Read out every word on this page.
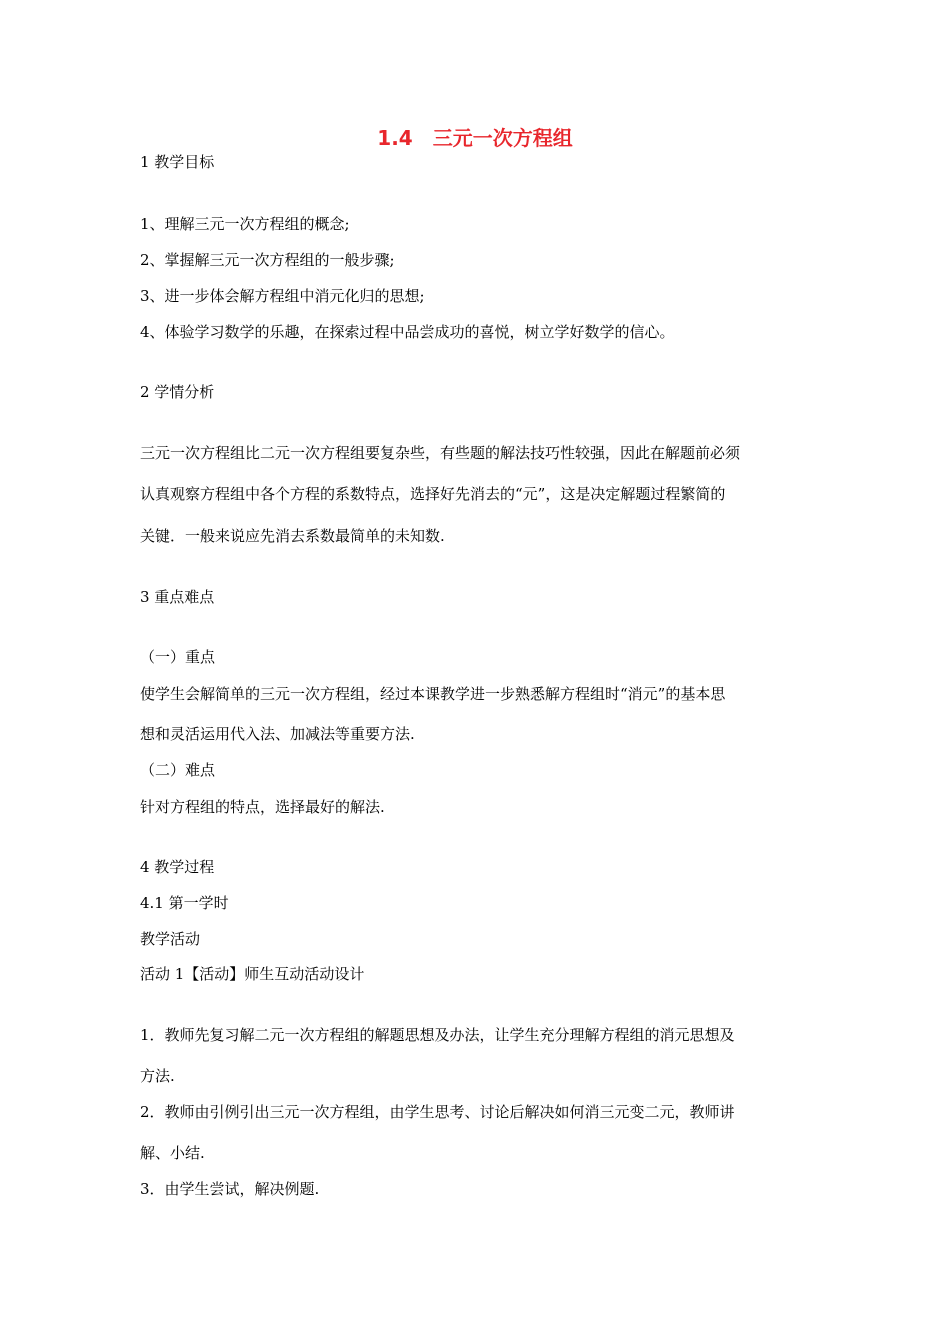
1.4　三元一次方程组
1 教学目标
1、理解三元一次方程组的概念;
2、掌握解三元一次方程组的一般步骤;
3、进一步体会解方程组中消元化归的思想;
4、体验学习数学的乐趣，在探索过程中品尝成功的喜悦，树立学好数学的信心。
2 学情分析
三元一次方程组比二元一次方程组要复杂些，有些题的解法技巧性较强，因此在解题前必须
认真观察方程组中各个方程的系数特点，选择好先消去的“元”，这是决定解题过程繁简的
关键．一般来说应先消去系数最简单的未知数.
3 重点难点
（一）重点
使学生会解简单的三元一次方程组，经过本课教学进一步熟悉解方程组时“消元”的基本思
想和灵活运用代入法、加减法等重要方法.
（二）难点
针对方程组的特点，选择最好的解法.
4 教学过程
4.1 第一学时
教学活动
活动 1【活动】师生互动活动设计
1．教师先复习解二元一次方程组的解题思想及办法，让学生充分理解方程组的消元思想及
方法.
2．教师由引例引出三元一次方程组，由学生思考、讨论后解决如何消三元变二元，教师讲
解、小结.
3．由学生尝试，解决例题.
